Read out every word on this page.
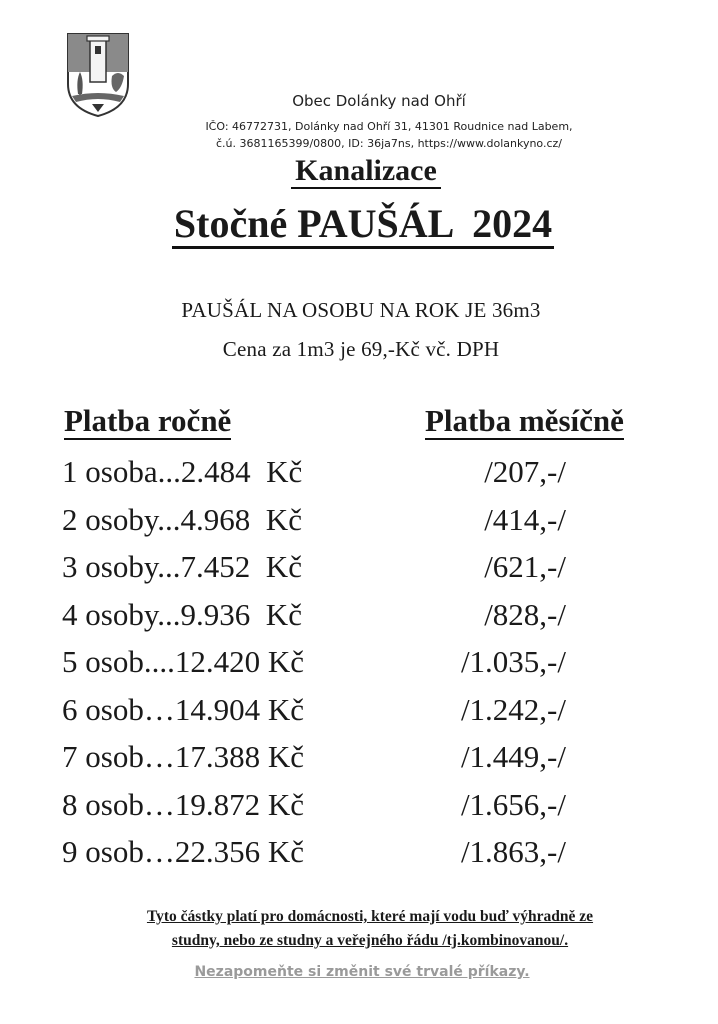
Obec Dolánky nad Ohří
IČO: 46772731, Dolánky nad Ohří 31, 41301 Roudnice nad Labem,
č.ú. 3681165399/0800, ID: 36ja7ns, https://www.dolankyno.cz/
Kanalizace
Stočné PAUŠÁL  2024
PAUŠÁL NA OSOBU NA ROK JE 36m3
Cena za 1m3 je 69,-Kč vč. DPH
Platba ročně	Platba měsíčně
1 osoba...2.484  Kč	/207,-/
2 osoby...4.968  Kč	/414,-/
3 osoby...7.452  Kč	/621,-/
4 osoby...9.936  Kč	/828,-/
5 osob....12.420 Kč	/1.035,-/
6 osob…14.904 Kč	/1.242,-/
7 osob…17.388 Kč	/1.449,-/
8 osob…19.872 Kč	/1.656,-/
9 osob…22.356 Kč	/1.863,-/
Tyto částky platí pro domácnosti, které mají vodu buď výhradně ze
studny, nebo ze studny a veřejného řádu /tj.kombinovanou/.
Nezapomeňte si změnit své trvalé příkazy.
